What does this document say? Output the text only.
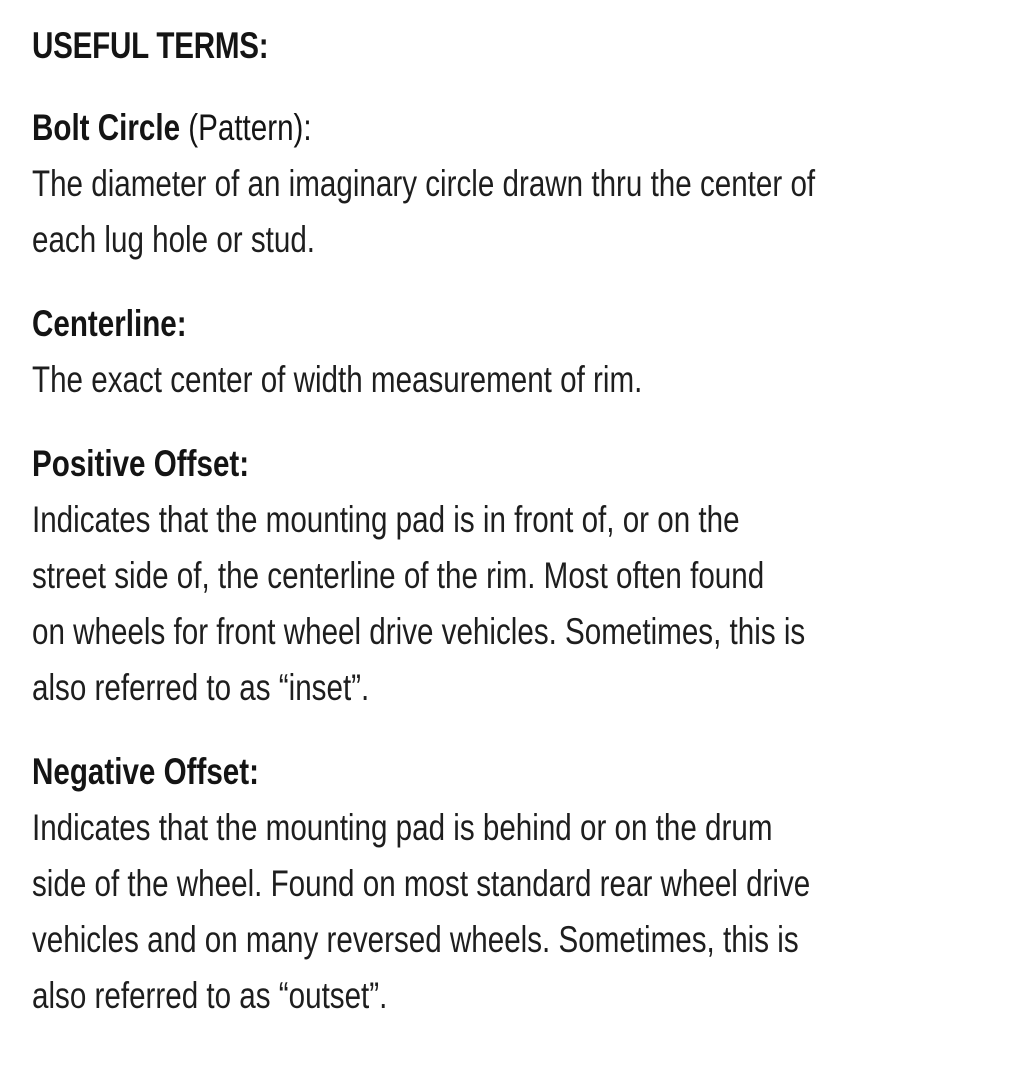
USEFUL TERMS:
Bolt Circle (Pattern):
The diameter of an imaginary circle drawn thru the center of
each lug hole or stud.
Centerline:
The exact center of width measurement of rim.
Positive Offset:
Indicates that the mounting pad is in front of, or on the
street side of, the centerline of the rim. Most often found
on wheels for front wheel drive vehicles. Sometimes, this is
also referred to as “inset”.
Negative Offset:
Indicates that the mounting pad is behind or on the drum
side of the wheel. Found on most standard rear wheel drive
vehicles and on many reversed wheels. Sometimes, this is
also referred to as “outset”.
